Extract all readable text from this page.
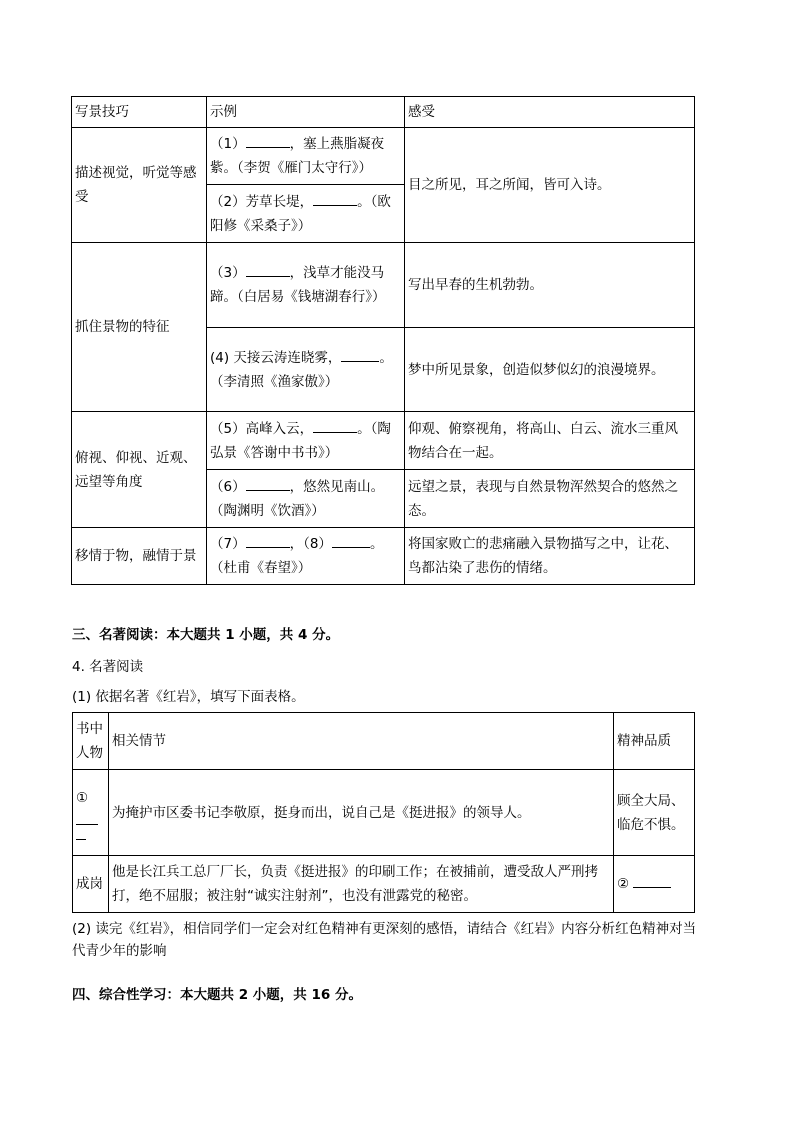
写景技巧	示例	感受
描述视觉，听觉等感受	（1） ，塞上燕脂凝夜紫。（李贺《雁门太守行》）	目之所见，耳之所闻，皆可入诗。
	（2）芳草长堤， 。（欧阳修《采桑子》）	
抓住景物的特征	（3） ，浅草才能没马蹄。（白居易《钱塘湖春行》）	写出早春的生机勃勃。
	(4) 天接云涛连晓雾， 。（李清照《渔家傲》）	梦中所见景象，创造似梦似幻的浪漫境界。
俯视、仰视、近观、远望等角度	（5）高峰入云， 。（陶弘景《答谢中书书》）	仰观、俯察视角，将高山、白云、流水三重风物结合在一起。
	（6） ，悠然见南山。（陶渊明《饮酒》）	远望之景，表现与自然景物浑然契合的悠然之态。
移情于物，融情于景	（7） ，（8） 。（杜甫《春望》）	将国家败亡的悲痛融入景物描写之中，让花、鸟都沾染了悲伤的情绪。
三、名著阅读：本大题共 1 小题，共 4 分。
4. 名著阅读
(1) 依据名著《红岩》，填写下面表格。
书中人物	相关情节	精神品质

①	为掩护市区委书记李敬原，挺身而出，说自己是《挺进报》的领导人。	顾全大局、临危不惧。
成岗	他是长江兵工总厂厂长，负责《挺进报》的印刷工作；在被捕前，遭受敌人严刑拷打，绝不屈服；被注射“诚实注射剂”，也没有泄露党的秘密。	②
(2) 读完《红岩》，相信同学们一定会对红色精神有更深刻的感悟，请结合《红岩》内容分析红色精神对当代青少年的影响
四、综合性学习：本大题共 2 小题，共 16 分。
